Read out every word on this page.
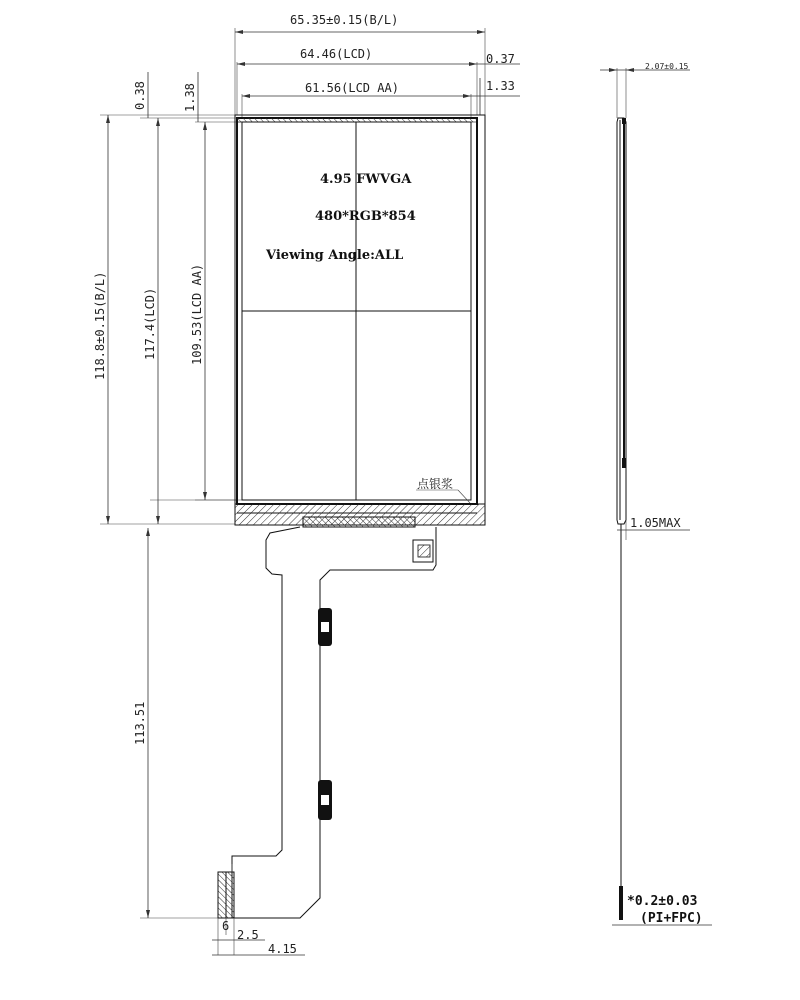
65.35±0.15(B/L)
64.46(LCD)	0.37
61.56(LCD AA)	1.33
0.38	1.38
118.8±0.15(B/L)	117.4(LCD)	109.53(LCD AA)
113.51
4.95 FWVGA
480*RGB*854
Viewing Angle:ALL
点银浆
6
2.5
4.15
2.07±0.15
1.05MAX
*0.2±0.03
(PI+FPC)
